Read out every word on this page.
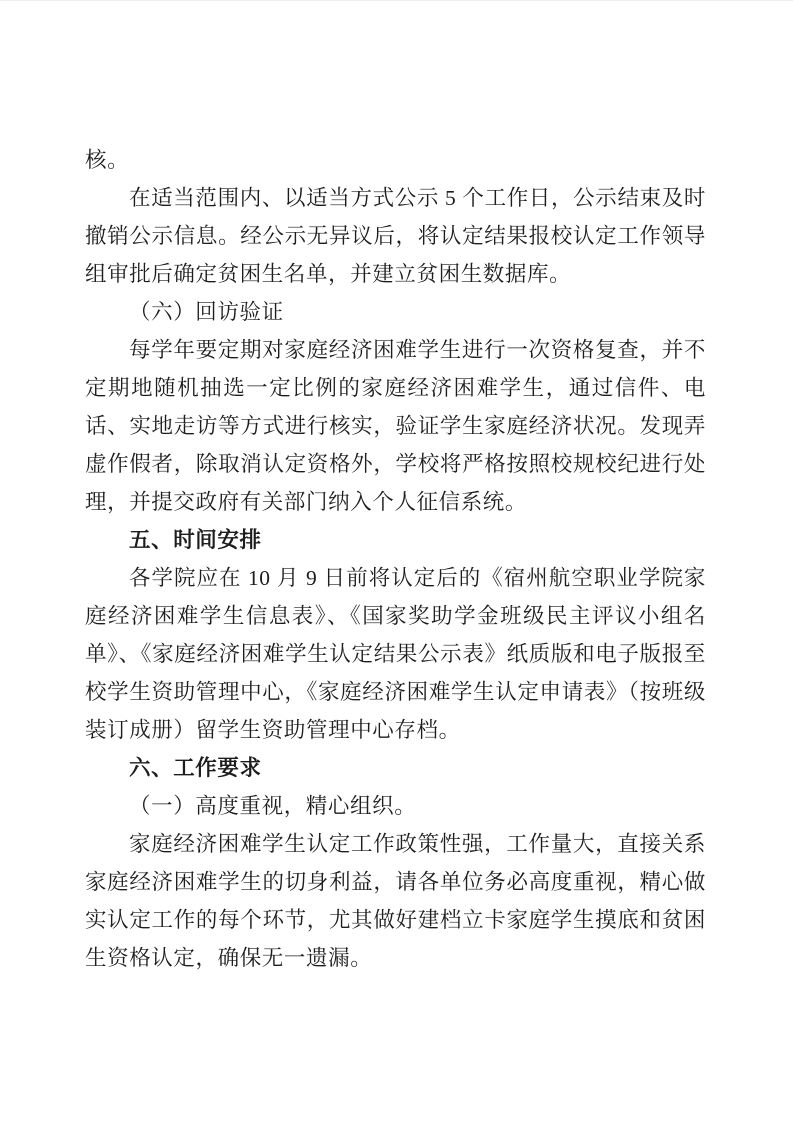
核。

在适当范围内、以适当方式公示 5 个工作日，公示结束及时撤销公示信息。经公示无异议后，将认定结果报校认定工作领导组审批后确定贫困生名单，并建立贫困生数据库。

（六）回访验证

每学年要定期对家庭经济困难学生进行一次资格复查，并不定期地随机抽选一定比例的家庭经济困难学生，通过信件、电话、实地走访等方式进行核实，验证学生家庭经济状况。发现弄虚作假者，除取消认定资格外，学校将严格按照校规校纪进行处理，并提交政府有关部门纳入个人征信系统。

五、时间安排

各学院应在 10 月 9 日前将认定后的《宿州航空职业学院家庭经济困难学生信息表》、《国家奖助学金班级民主评议小组名单》、《家庭经济困难学生认定结果公示表》纸质版和电子版报至校学生资助管理中心，《家庭经济困难学生认定申请表》（按班级装订成册）留学生资助管理中心存档。

六、工作要求

（一）高度重视，精心组织。

家庭经济困难学生认定工作政策性强，工作量大，直接关系家庭经济困难学生的切身利益，请各单位务必高度重视，精心做实认定工作的每个环节，尤其做好建档立卡家庭学生摸底和贫困生资格认定，确保无一遗漏。
